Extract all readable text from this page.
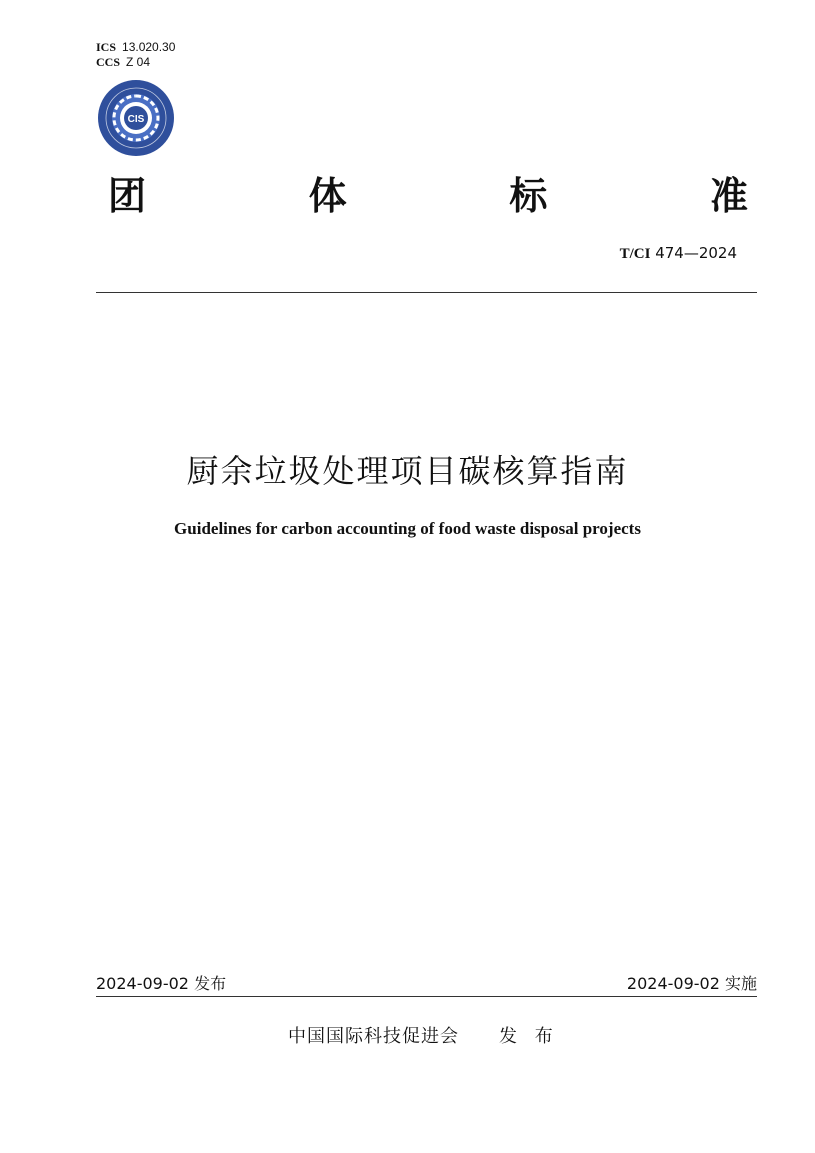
ICS 13.020.30
CCS Z 04
CIS
团	体	标	准
T/CI 474—2024
厨余垃圾处理项目碳核算指南
Guidelines for carbon accounting of food waste disposal projects
2024-09-02 发布	2024-09-02 实施
中国国际科技促进会 发 布
